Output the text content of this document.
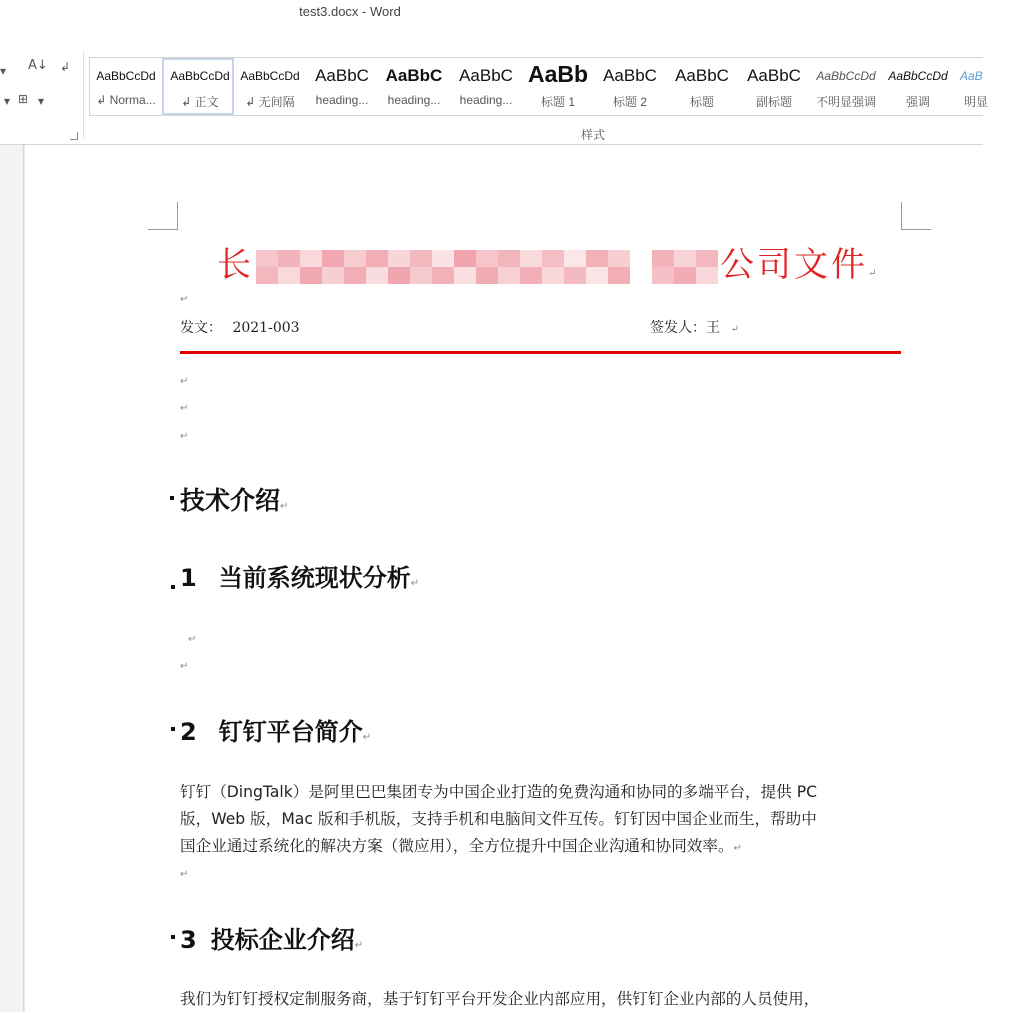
test3.docx - Word
▾ A↓ ↲
▾ ⊞ ▾
AaBbCcDd
↲ Norma...
AaBbCcDd
↲ 正文
AaBbCcDd
↲ 无间隔
AaBbC
heading...
AaBbC
heading...
AaBbC
heading...
AaBb
标题 1
AaBbC
标题 2
AaBbC
标题
AaBbC
副标题
AaBbCcDd
不明显强调
AaBbCcDd
强调
AaB
明显
样式
长	公司文件↵
↵
发文： 2021-003	签发人：王 ↵
↵
↵
↵
技术介绍↵
1 当前系统现状分析↵
↵
↵
2 钉钉平台简介↵
钉钉（DingTalk）是阿里巴巴集团专为中国企业打造的免费沟通和协同的多端平台，提供 PC
版，Web 版，Mac 版和手机版，支持手机和电脑间文件互传。钉钉因中国企业而生，帮助中
国企业通过系统化的解决方案（微应用），全方位提升中国企业沟通和协同效率。↵
↵
3 投标企业介绍↵
我们为钉钉授权定制服务商，基于钉钉平台开发企业内部应用，供钉钉企业内部的人员使用，
